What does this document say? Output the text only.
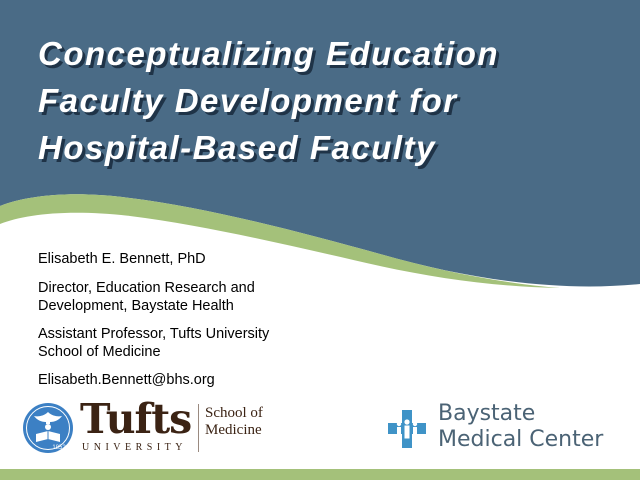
Conceptualizing Education
Faculty Development for
Hospital-Based Faculty
Elisabeth E. Bennett, PhD
Director, Education Research and
Development, Baystate Health
Assistant Professor, Tufts University
School of Medicine
Elisabeth.Bennett@bhs.org
1852
Tufts
UNIVERSITY
School of
Medicine
Baystate
Medical Center
